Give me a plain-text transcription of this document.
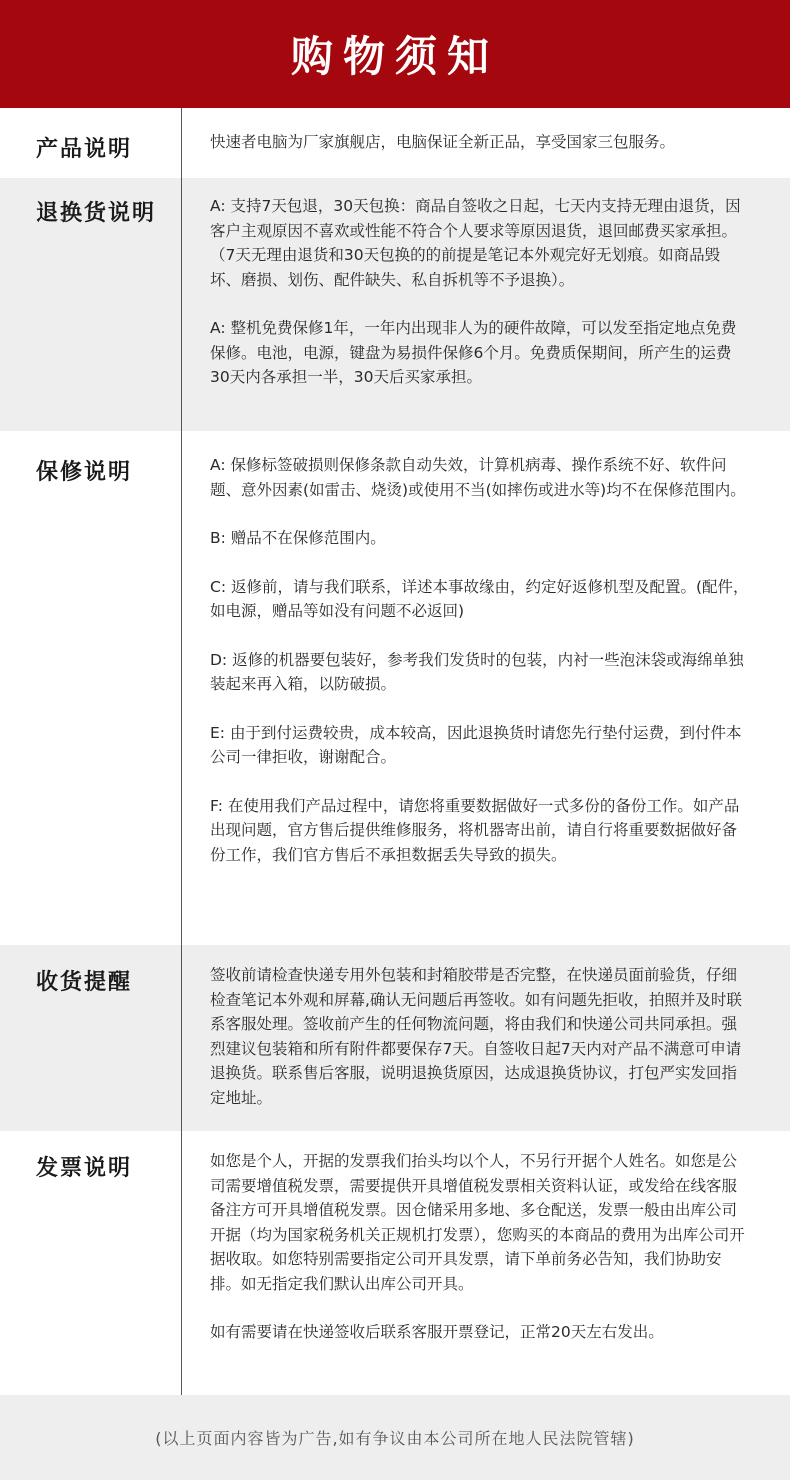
购物须知
产品说明	快速者电脑为厂家旗舰店，电脑保证全新正品，享受国家三包服务。

退换货说明	A: 支持7天包退，30天包换：商品自签收之日起，七天内支持无理由退货，因客户主观原因不喜欢或性能不符合个人要求等原因退货，退回邮费买家承担。（7天无理由退货和30天包换的的前提是笔记本外观完好无划痕。如商品毁坏、磨损、划伤、配件缺失、私自拆机等不予退换）。

A: 整机免费保修1年，一年内出现非人为的硬件故障，可以发至指定地点免费保修。电池，电源，键盘为易损件保修6个月。免费质保期间，所产生的运费30天内各承担一半，30天后买家承担。

保修说明	A: 保修标签破损则保修条款自动失效，计算机病毒、操作系统不好、软件问题、意外因素(如雷击、烧烫)或使用不当(如摔伤或进水等)均不在保修范围内。

B: 赠品不在保修范围内。

C: 返修前，请与我们联系，详述本事故缘由，约定好返修机型及配置。(配件，如电源，赠品等如没有问题不必返回)

D: 返修的机器要包装好，参考我们发货时的包装，内衬一些泡沫袋或海绵单独装起来再入箱，以防破损。

E: 由于到付运费较贵，成本较高，因此退换货时请您先行垫付运费，到付件本公司一律拒收，谢谢配合。

F: 在使用我们产品过程中，请您将重要数据做好一式多份的备份工作。如产品出现问题，官方售后提供维修服务，将机器寄出前，请自行将重要数据做好备份工作，我们官方售后不承担数据丢失导致的损失。

收货提醒	签收前请检查快递专用外包装和封箱胶带是否完整，在快递员面前验货，仔细检查笔记本外观和屏幕,确认无问题后再签收。如有问题先拒收，拍照并及时联系客服处理。签收前产生的任何物流问题，将由我们和快递公司共同承担。强烈建议包装箱和所有附件都要保存7天。自签收日起7天内对产品不满意可申请退换货。联系售后客服，说明退换货原因，达成退换货协议，打包严实发回指定地址。

发票说明	如您是个人，开据的发票我们抬头均以个人，不另行开据个人姓名。如您是公司需要增值税发票，需要提供开具增值税发票相关资料认证，或发给在线客服备注方可开具增值税发票。因仓储采用多地、多仓配送，发票一般由出库公司开据（均为国家税务机关正规机打发票），您购买的本商品的费用为出库公司开据收取。如您特别需要指定公司开具发票，请下单前务必告知，我们协助安排。如无指定我们默认出库公司开具。

如有需要请在快递签收后联系客服开票登记，正常20天左右发出。

(以上页面内容皆为广告,如有争议由本公司所在地人民法院管辖)
